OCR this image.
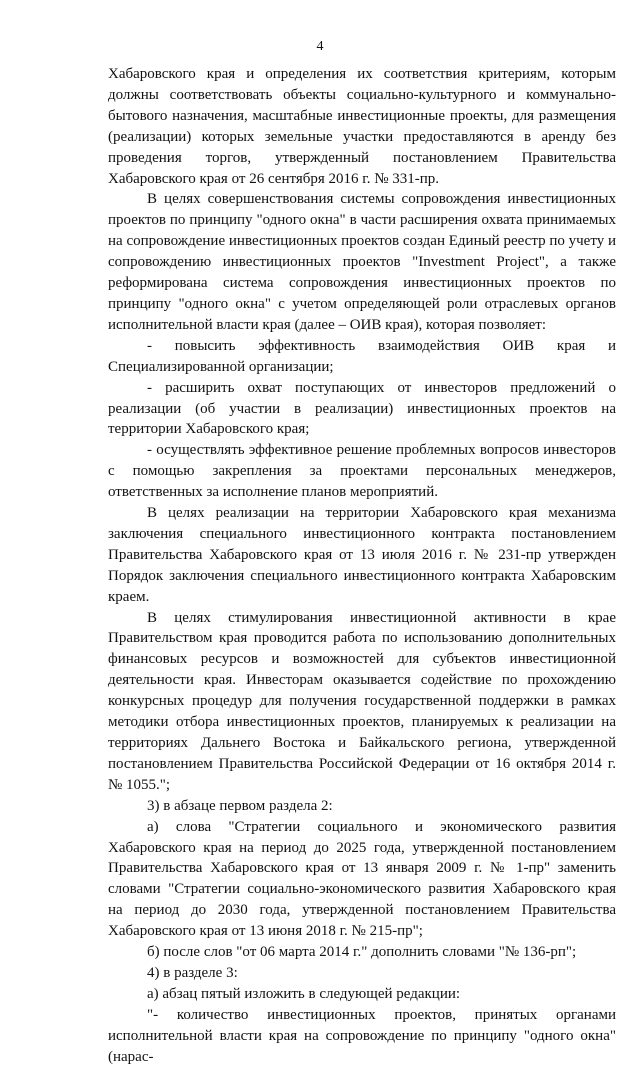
4

Хабаровского края и определения их соответствия критериям, которым должны соответствовать объекты социально-культурного и коммунально-бытового назначения, масштабные инвестиционные проекты, для размещения (реализации) которых земельные участки предоставляются в аренду без проведения торгов, утвержденный постановлением Правительства Хабаровского края от 26 сентября 2016 г. № 331-пр.

В целях совершенствования системы сопровождения инвестиционных проектов по принципу "одного окна" в части расширения охвата принимаемых на сопровождение инвестиционных проектов создан Единый реестр по учету и сопровождению инвестиционных проектов "Investment Project", а также реформирована система сопровождения инвестиционных проектов по принципу "одного окна" с учетом определяющей роли отраслевых органов исполнительной власти края (далее – ОИВ края), которая позволяет:

- повысить эффективность взаимодействия ОИВ края и Специализированной организации;

- расширить охват поступающих от инвесторов предложений о реализации (об участии в реализации) инвестиционных проектов на территории Хабаровского края;

- осуществлять эффективное решение проблемных вопросов инвесторов с помощью закрепления за проектами персональных менеджеров, ответственных за исполнение планов мероприятий.

В целях реализации на территории Хабаровского края механизма заключения специального инвестиционного контракта постановлением Правительства Хабаровского края от 13 июля 2016 г. № 231-пр утвержден Порядок заключения специального инвестиционного контракта Хабаровским краем.

В целях стимулирования инвестиционной активности в крае Правительством края проводится работа по использованию дополнительных финансовых ресурсов и возможностей для субъектов инвестиционной деятельности края. Инвесторам оказывается содействие по прохождению конкурсных процедур для получения государственной поддержки в рамках методики отбора инвестиционных проектов, планируемых к реализации на территориях Дальнего Востока и Байкальского региона, утвержденной постановлением Правительства Российской Федерации от 16 октября 2014 г. № 1055.";

3) в абзаце первом раздела 2:

а) слова "Стратегии социального и экономического развития Хабаровского края на период до 2025 года, утвержденной постановлением Правительства Хабаровского края от 13 января 2009 г. № 1-пр" заменить словами "Стратегии социально-экономического развития Хабаровского края на период до 2030 года, утвержденной постановлением Правительства Хабаровского края от 13 июня 2018 г. № 215-пр";

б) после слов "от 06 марта 2014 г." дополнить словами "№ 136-рп";

4) в разделе 3:

а) абзац пятый изложить в следующей редакции:

"- количество инвестиционных проектов, принятых органами исполнительной власти края на сопровождение по принципу "одного окна" (нарас-
